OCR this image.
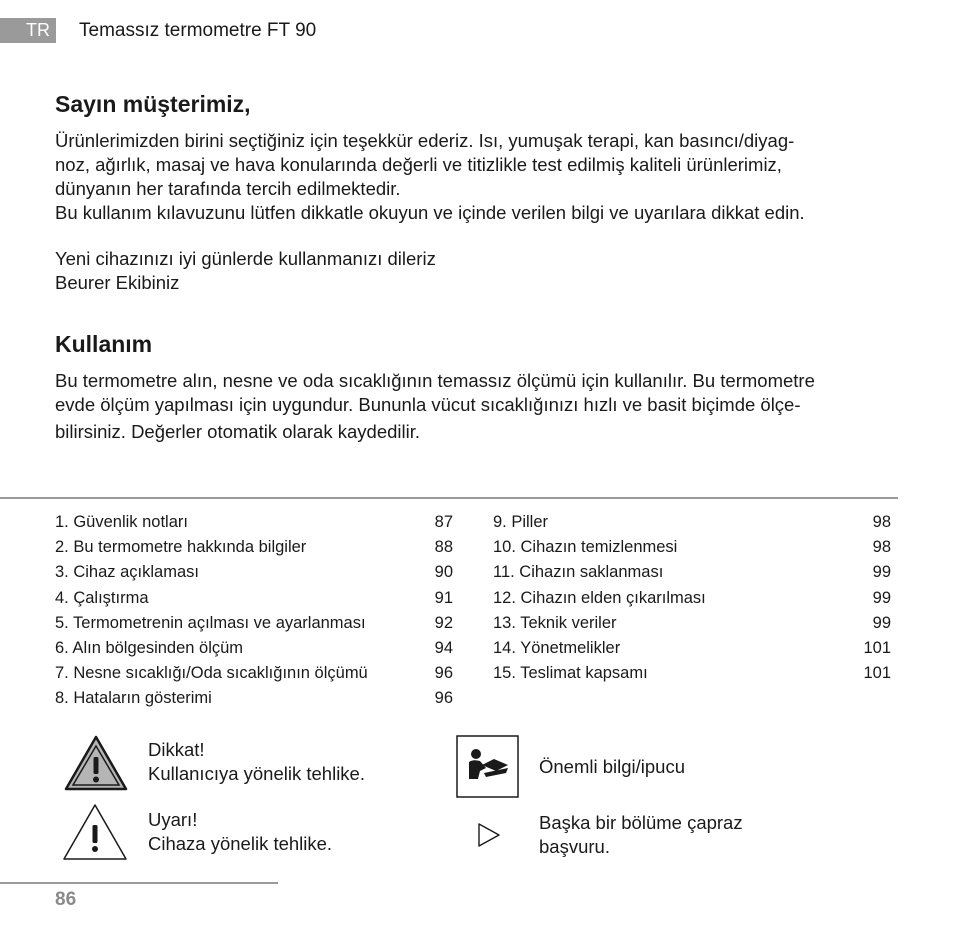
TR	Temassız termometre FT 90
Sayın müşterimiz,

Ürünlerimizden birini seçtiğiniz için teşekkür ederiz. Isı, yumuşak terapi, kan basıncı/diyag-

noz, ağırlık, masaj ve hava konularında değerli ve titizlikle test edilmiş kaliteli ürünlerimiz,

dünyanın her tarafında tercih edilmektedir.

Bu kullanım kılavuzunu lütfen dikkatle okuyun ve içinde verilen bilgi ve uyarılara dikkat edin.

Yeni cihazınızı iyi günlerde kullanmanızı dileriz

Beurer Ekibiniz

Kullanım

Bu termometre alın, nesne ve oda sıcaklığının temassız ölçümü için kullanılır. Bu termometre

evde ölçüm yapılması için uygundur. Bununla vücut sıcaklığınızı hızlı ve basit biçimde ölçe-

bilirsiniz. Değerler otomatik olarak kaydedilir.

1. Güvenlik notları	87
2. Bu termometre hakkında bilgiler	88
3. Cihaz açıklaması	90
4. Çalıştırma	91
5. Termometrenin açılması ve ayarlanması	92
6. Alın bölgesinden ölçüm	94
7. Nesne sıcaklığı/Oda sıcaklığının ölçümü	96
8. Hataların gösterimi	96
9. Piller	98
10. Cihazın temizlenmesi	98
11. Cihazın saklanması	99
12. Cihazın elden çıkarılması	99
13. Teknik veriler	99
14. Yönetmelikler	101
15. Teslimat kapsamı	101
Dikkat!
Kullanıcıya yönelik tehlike.
Uyarı!
Cihaza yönelik tehlike.
Önemli bilgi/ipucu
Başka bir bölüme çapraz
başvuru.
86
